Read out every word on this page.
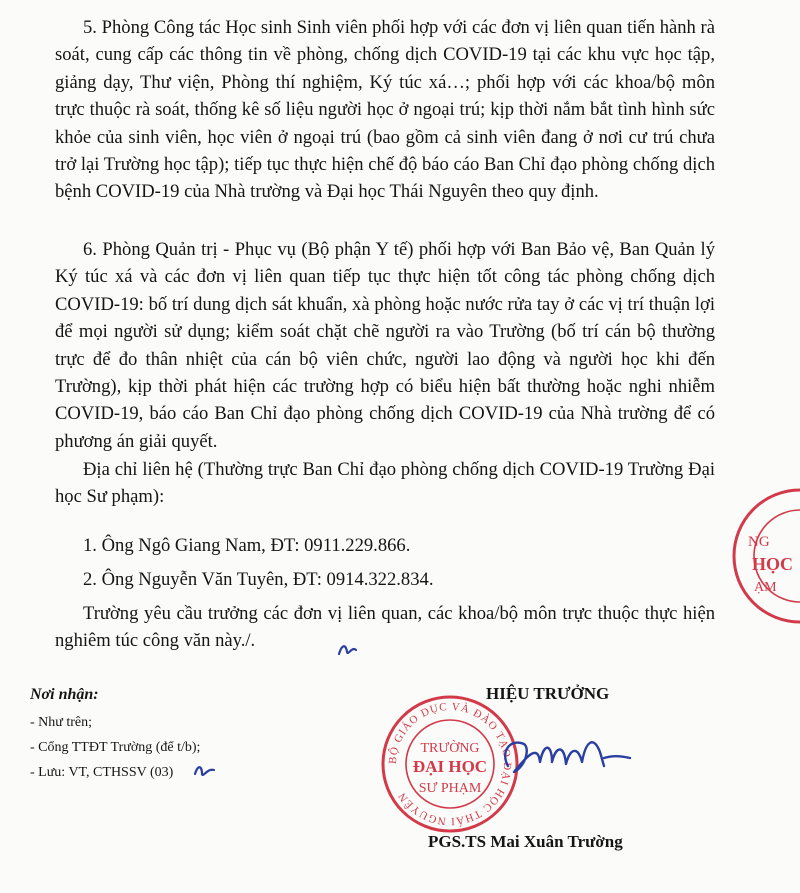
5. Phòng Công tác Học sinh Sinh viên phối hợp với các đơn vị liên quan tiến hành rà soát, cung cấp các thông tin về phòng, chống dịch COVID-19 tại các khu vực học tập, giảng dạy, Thư viện, Phòng thí nghiệm, Ký túc xá…; phối hợp với các khoa/bộ môn trực thuộc rà soát, thống kê số liệu người học ở ngoại trú; kịp thời nắm bắt tình hình sức khỏe của sinh viên, học viên ở ngoại trú (bao gồm cả sinh viên đang ở nơi cư trú chưa trở lại Trường học tập); tiếp tục thực hiện chế độ báo cáo Ban Chỉ đạo phòng chống dịch bệnh COVID-19 của Nhà trường và Đại học Thái Nguyên theo quy định.

6. Phòng Quản trị - Phục vụ (Bộ phận Y tế) phối hợp với Ban Bảo vệ, Ban Quản lý Ký túc xá và các đơn vị liên quan tiếp tục thực hiện tốt công tác phòng chống dịch COVID-19: bố trí dung dịch sát khuẩn, xà phòng hoặc nước rửa tay ở các vị trí thuận lợi để mọi người sử dụng; kiểm soát chặt chẽ người ra vào Trường (bố trí cán bộ thường trực để đo thân nhiệt của cán bộ viên chức, người lao động và người học khi đến Trường), kịp thời phát hiện các trường hợp có biểu hiện bất thường hoặc nghi nhiễm COVID-19, báo cáo Ban Chỉ đạo phòng chống dịch COVID-19 của Nhà trường để có phương án giải quyết.

Địa chỉ liên hệ (Thường trực Ban Chỉ đạo phòng chống dịch COVID-19 Trường Đại học Sư phạm):

1. Ông Ngô Giang Nam, ĐT: 0911.229.866.
2. Ông Nguyễn Văn Tuyên, ĐT: 0914.322.834.

Trường yêu cầu trưởng các đơn vị liên quan, các khoa/bộ môn trực thuộc thực hiện nghiêm túc công văn này./.

Nơi nhận:
- Như trên;
- Cổng TTĐT Trường (để t/b);
- Lưu: VT, CTHSSV (03)
HIỆU TRƯỞNG
BỘ GIÁO DỤC VÀ ĐÀO TẠO ĐẠI HỌC THÁI NGUYÊN
TRƯỜNG
ĐẠI HỌC
SƯ PHẠM
PGS.TS Mai Xuân Trường
NG
HỌC
ẠM
